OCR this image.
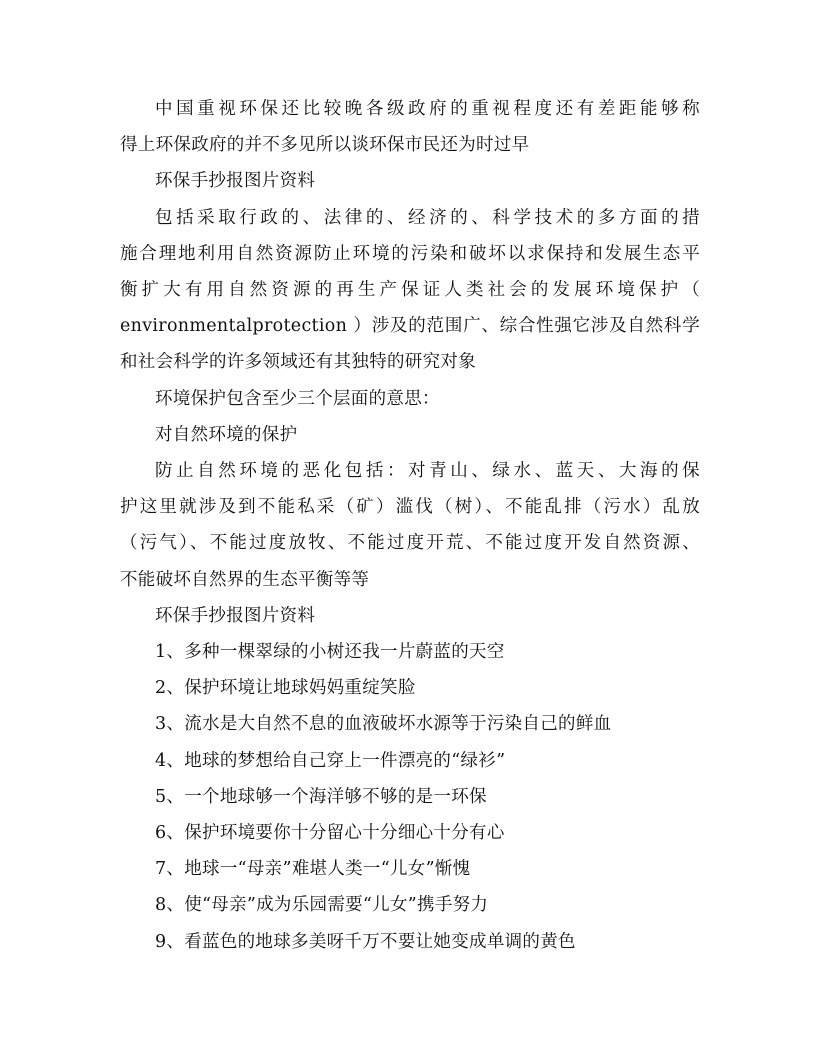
中国重视环保还比较晚各级政府的重视程度还有差距能够称
得上环保政府的并不多见所以谈环保市民还为时过早

环保手抄报图片资料

包括采取行政的、法律的、经济的、科学技术的多方面的措
施合理地利用自然资源防止环境的污染和破坏以求保持和发展生态平
衡扩大有用自然资源的再生产保证人类社会的发展环境保护（
environmentalprotection ）涉及的范围广、综合性强它涉及自然科学
和社会科学的许多领域还有其独特的研究对象

环境保护包含至少三个层面的意思：

对自然环境的保护

防止自然环境的恶化包括：对青山、绿水、蓝天、大海的保
护这里就涉及到不能私采（矿）滥伐（树）、不能乱排（污水）乱放
（污气）、不能过度放牧、不能过度开荒、不能过度开发自然资源、
不能破坏自然界的生态平衡等等

环保手抄报图片资料

1、多种一棵翠绿的小树还我一片蔚蓝的天空

2、保护环境让地球妈妈重绽笑脸

3、流水是大自然不息的血液破坏水源等于污染自己的鲜血

4、地球的梦想给自己穿上一件漂亮的“绿衫”

5、一个地球够一个海洋够不够的是一环保

6、保护环境要你十分留心十分细心十分有心

7、地球一“母亲”难堪人类一“儿女”惭愧

8、使“母亲”成为乐园需要“儿女”携手努力

9、看蓝色的地球多美呀千万不要让她变成单调的黄色
